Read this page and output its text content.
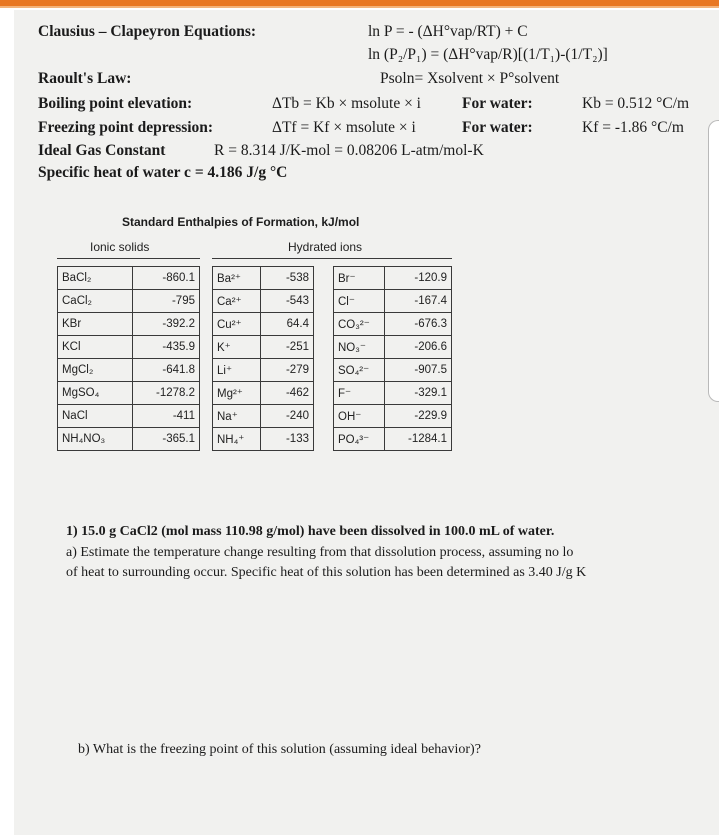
Clausius – Clapeyron Equations:	ln P = - (ΔH°vap/RT) + C
ln (P₂/P₁) = (ΔH°vap/R)[(1/T₁)-(1/T₂)]
Raoult's Law:	Psoln= Xsolvent × P°solvent
Boiling point elevation:	ΔTb = Kb × msolute × i	For water:	Kb = 0.512 °C/m
Freezing point depression:	ΔTf = Kf × msolute × i	For water:	Kf = -1.86 °C/m
Ideal Gas Constant	R = 8.314 J/K-mol = 0.08206 L-atm/mol-K
Specific heat of water c = 4.186 J/g °C
Standard Enthalpies of Formation, kJ/mol
Ionic solids	Hydrated ions
BaCl₂	-860.1
CaCl₂	-795
KBr	-392.2
KCl	-435.9
MgCl₂	-641.8
MgSO₄	-1278.2
NaCl	-411
NH₄NO₃	-365.1
Ba²⁺	-538
Ca²⁺	-543
Cu²⁺	64.4
K⁺	-251
Li⁺	-279
Mg²⁺	-462
Na⁺	-240
NH₄⁺	-133
Br⁻	-120.9
Cl⁻	-167.4
CO₃²⁻	-676.3
NO₃⁻	-206.6
SO₄²⁻	-907.5
F⁻	-329.1
OH⁻	-229.9
PO₄³⁻	-1284.1
1) 15.0 g CaCl2 (mol mass 110.98 g/mol) have been dissolved in 100.0 mL of water.
a) Estimate the temperature change resulting from that dissolution process, assuming no lo
of heat to surrounding occur. Specific heat of this solution has been determined as 3.40 J/g K
b) What is the freezing point of this solution (assuming ideal behavior)?
